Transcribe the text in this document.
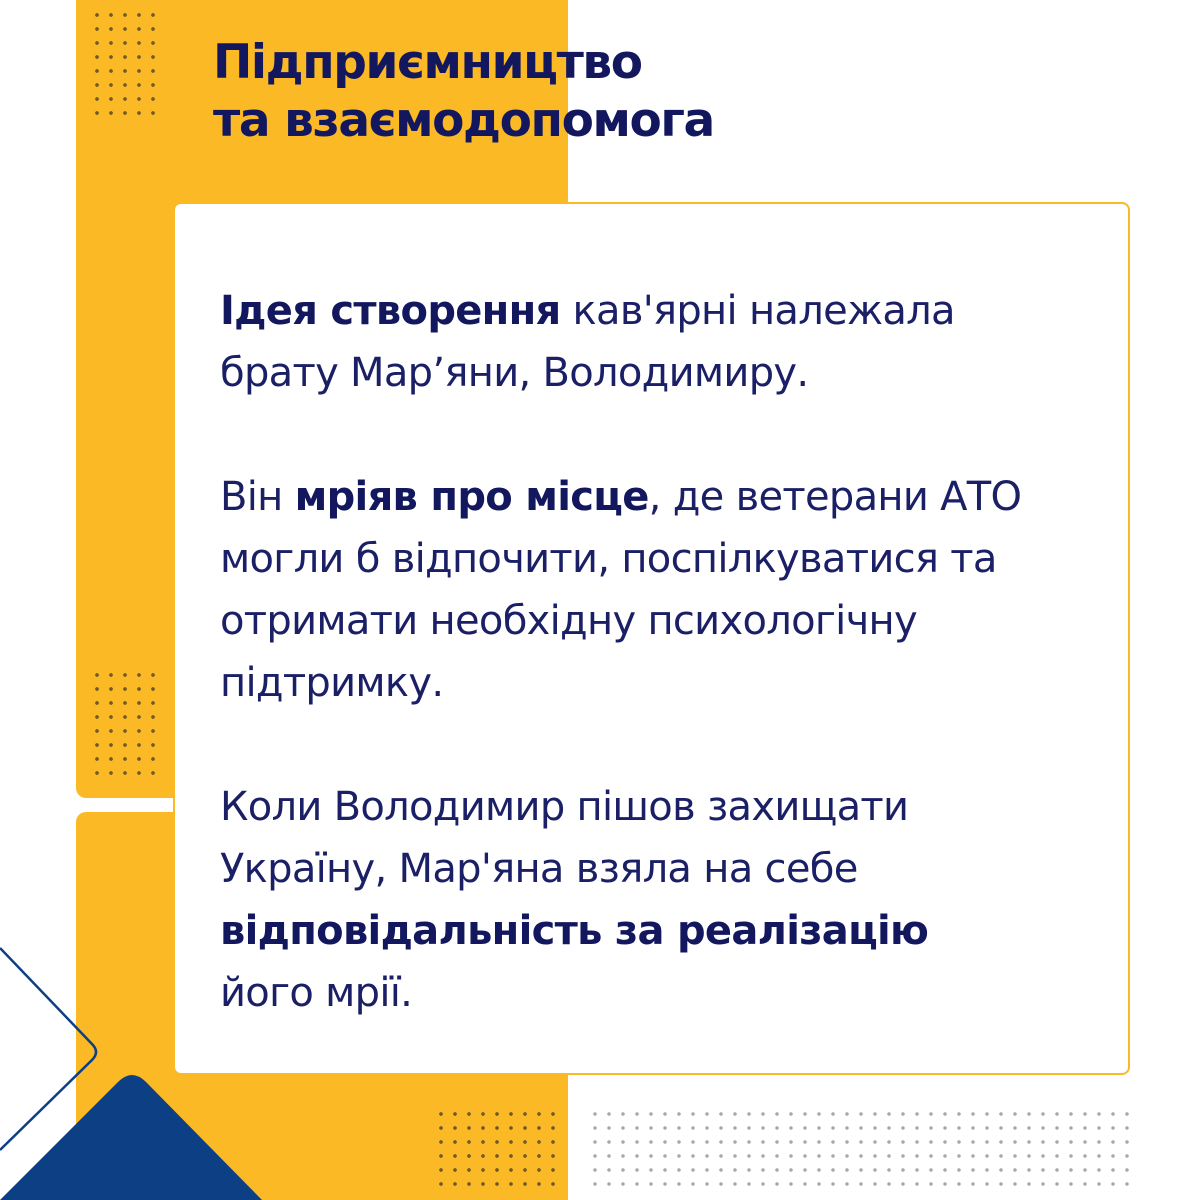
Підприємництво
та взаємодопомога

Ідея створення кав'ярні належала
брату Мар’яни, Володимиру.

Він мріяв про місце, де ветерани АТО
могли б відпочити, поспілкуватися та
отримати необхідну психологічну
підтримку.

Коли Володимир пішов захищати
Україну, Мар'яна взяла на себе
відповідальність за реалізацію
його мрії.
